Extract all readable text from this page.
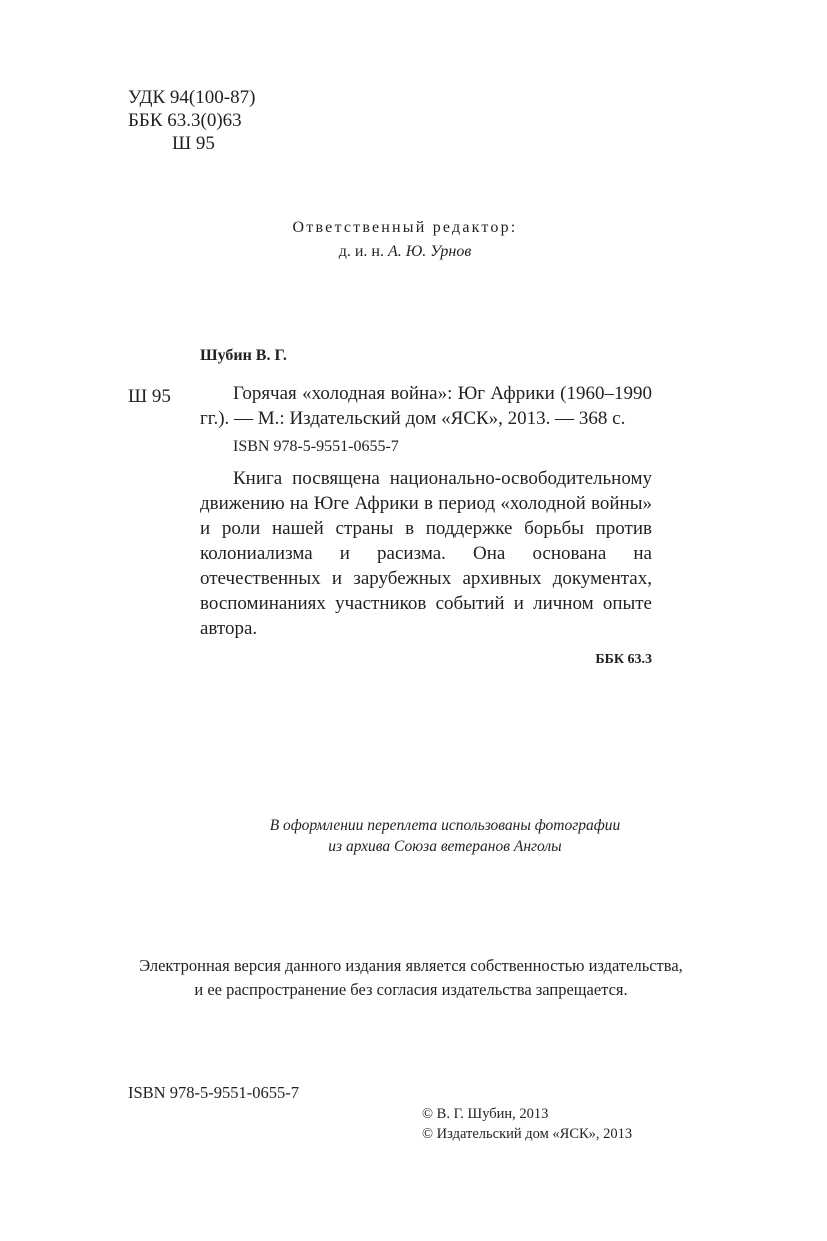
УДК 94(100-87)
ББК 63.3(0)63
Ш 95
Ответственный редактор:
д. и. н. А. Ю. Урнов
Шубин В. Г.
Ш 95	Горячая «холодная война»: Юг Африки (1960–1990 гг.). — М.: Издательский дом «ЯСК», 2013. — 368 с.

ISBN 978-5-9551-0655-7

Книга посвящена национально-освободительному движению на Юге Африки в период «холодной войны» и роли нашей страны в поддержке борьбы против колониализма и расизма. Она основана на отечественных и зарубежных архивных документах, воспоминаниях участников событий и личном опыте автора.

ББК 63.3
В оформлении переплета использованы фотографии
из архива Союза ветеранов Анголы
Электронная версия данного издания является собственностью издательства,
и ее распространение без согласия издательства запрещается.
ISBN 978-5-9551-0655-7
© В. Г. Шубин, 2013
© Издательский дом «ЯСК», 2013
